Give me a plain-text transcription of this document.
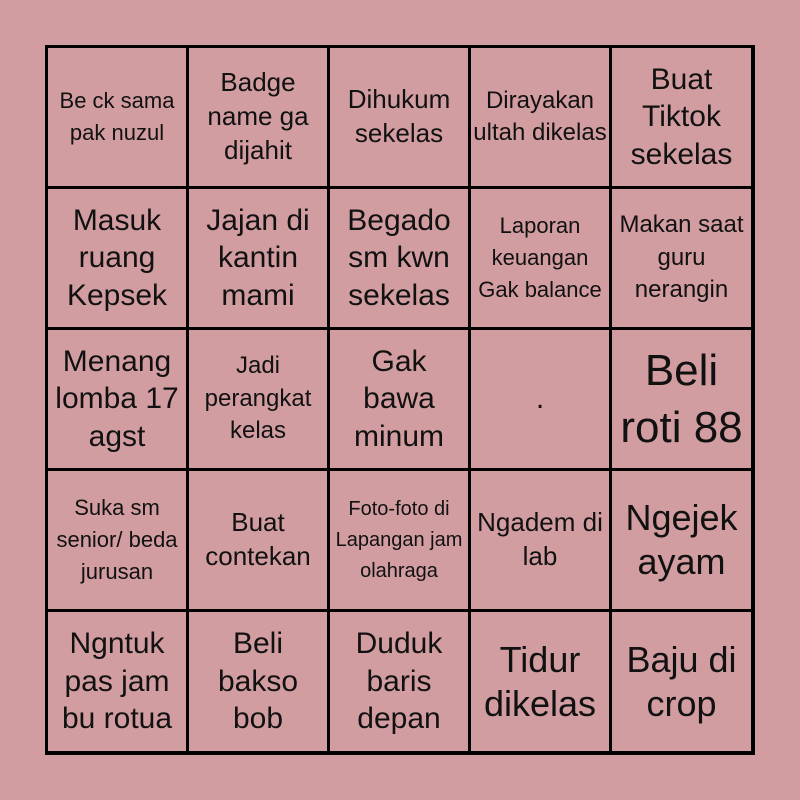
Be ck sama pak nuzul
Badge name ga dijahit
Dihukum sekelas
Dirayakan ultah dikelas
Buat Tiktok sekelas
Masuk ruang Kepsek
Jajan di kantin mami
Begado sm kwn sekelas
Laporan keuangan Gak balance
Makan saat guru nerangin
Menang lomba 17 agst
Jadi perangkat kelas
Gak bawa minum
.
Beli roti 88
Suka sm senior/ beda jurusan
Buat contekan
Foto-foto di Lapangan jam olahraga
Ngadem di lab
Ngejek ayam
Ngntuk pas jam bu rotua
Beli bakso bob
Duduk baris depan
Tidur dikelas
Baju di crop
